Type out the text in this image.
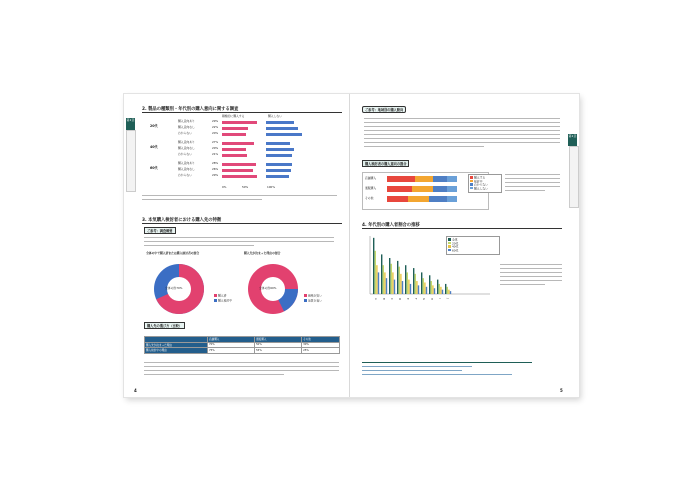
第1章
2. 製品の種類別・年代別の購入意向に関する調査
積極的に購入する	購入しない
20代
購入意向あり	29%
購入意向なし	22%
わからない	20%
40代
購入意向あり	27%
購入意向なし	20%
わからない	21%
60代
購入意向あり	28%
購入意向なし	26%
わからない	29%
0%	50%	100%
3. 本気購入検討者における購入先の特徴
ご参考：調査概要
全体の中で購入済または購入検討者の割合	購入先が決まった理由の割合
全体の約70%
購入済
購入検討中
全体の約60%
価格が安い
品質が良い
購入先の選び方（比較）
	店舗購入	通販購入	その他
購入先が決まった理由	70%	50%	30%
購入検討中の理由	75%	55%	25%
4
第1章
ご参考：地域別の購入動向
購入検討者の購入意向の割合
店舗購入
通販購入
その他
購入する
検討中
わからない
購入しない
4. 年代別の購入者割合の推移
A	B	C	D	E	F	G	H	I	J
全体
20代
40代
60代
5
